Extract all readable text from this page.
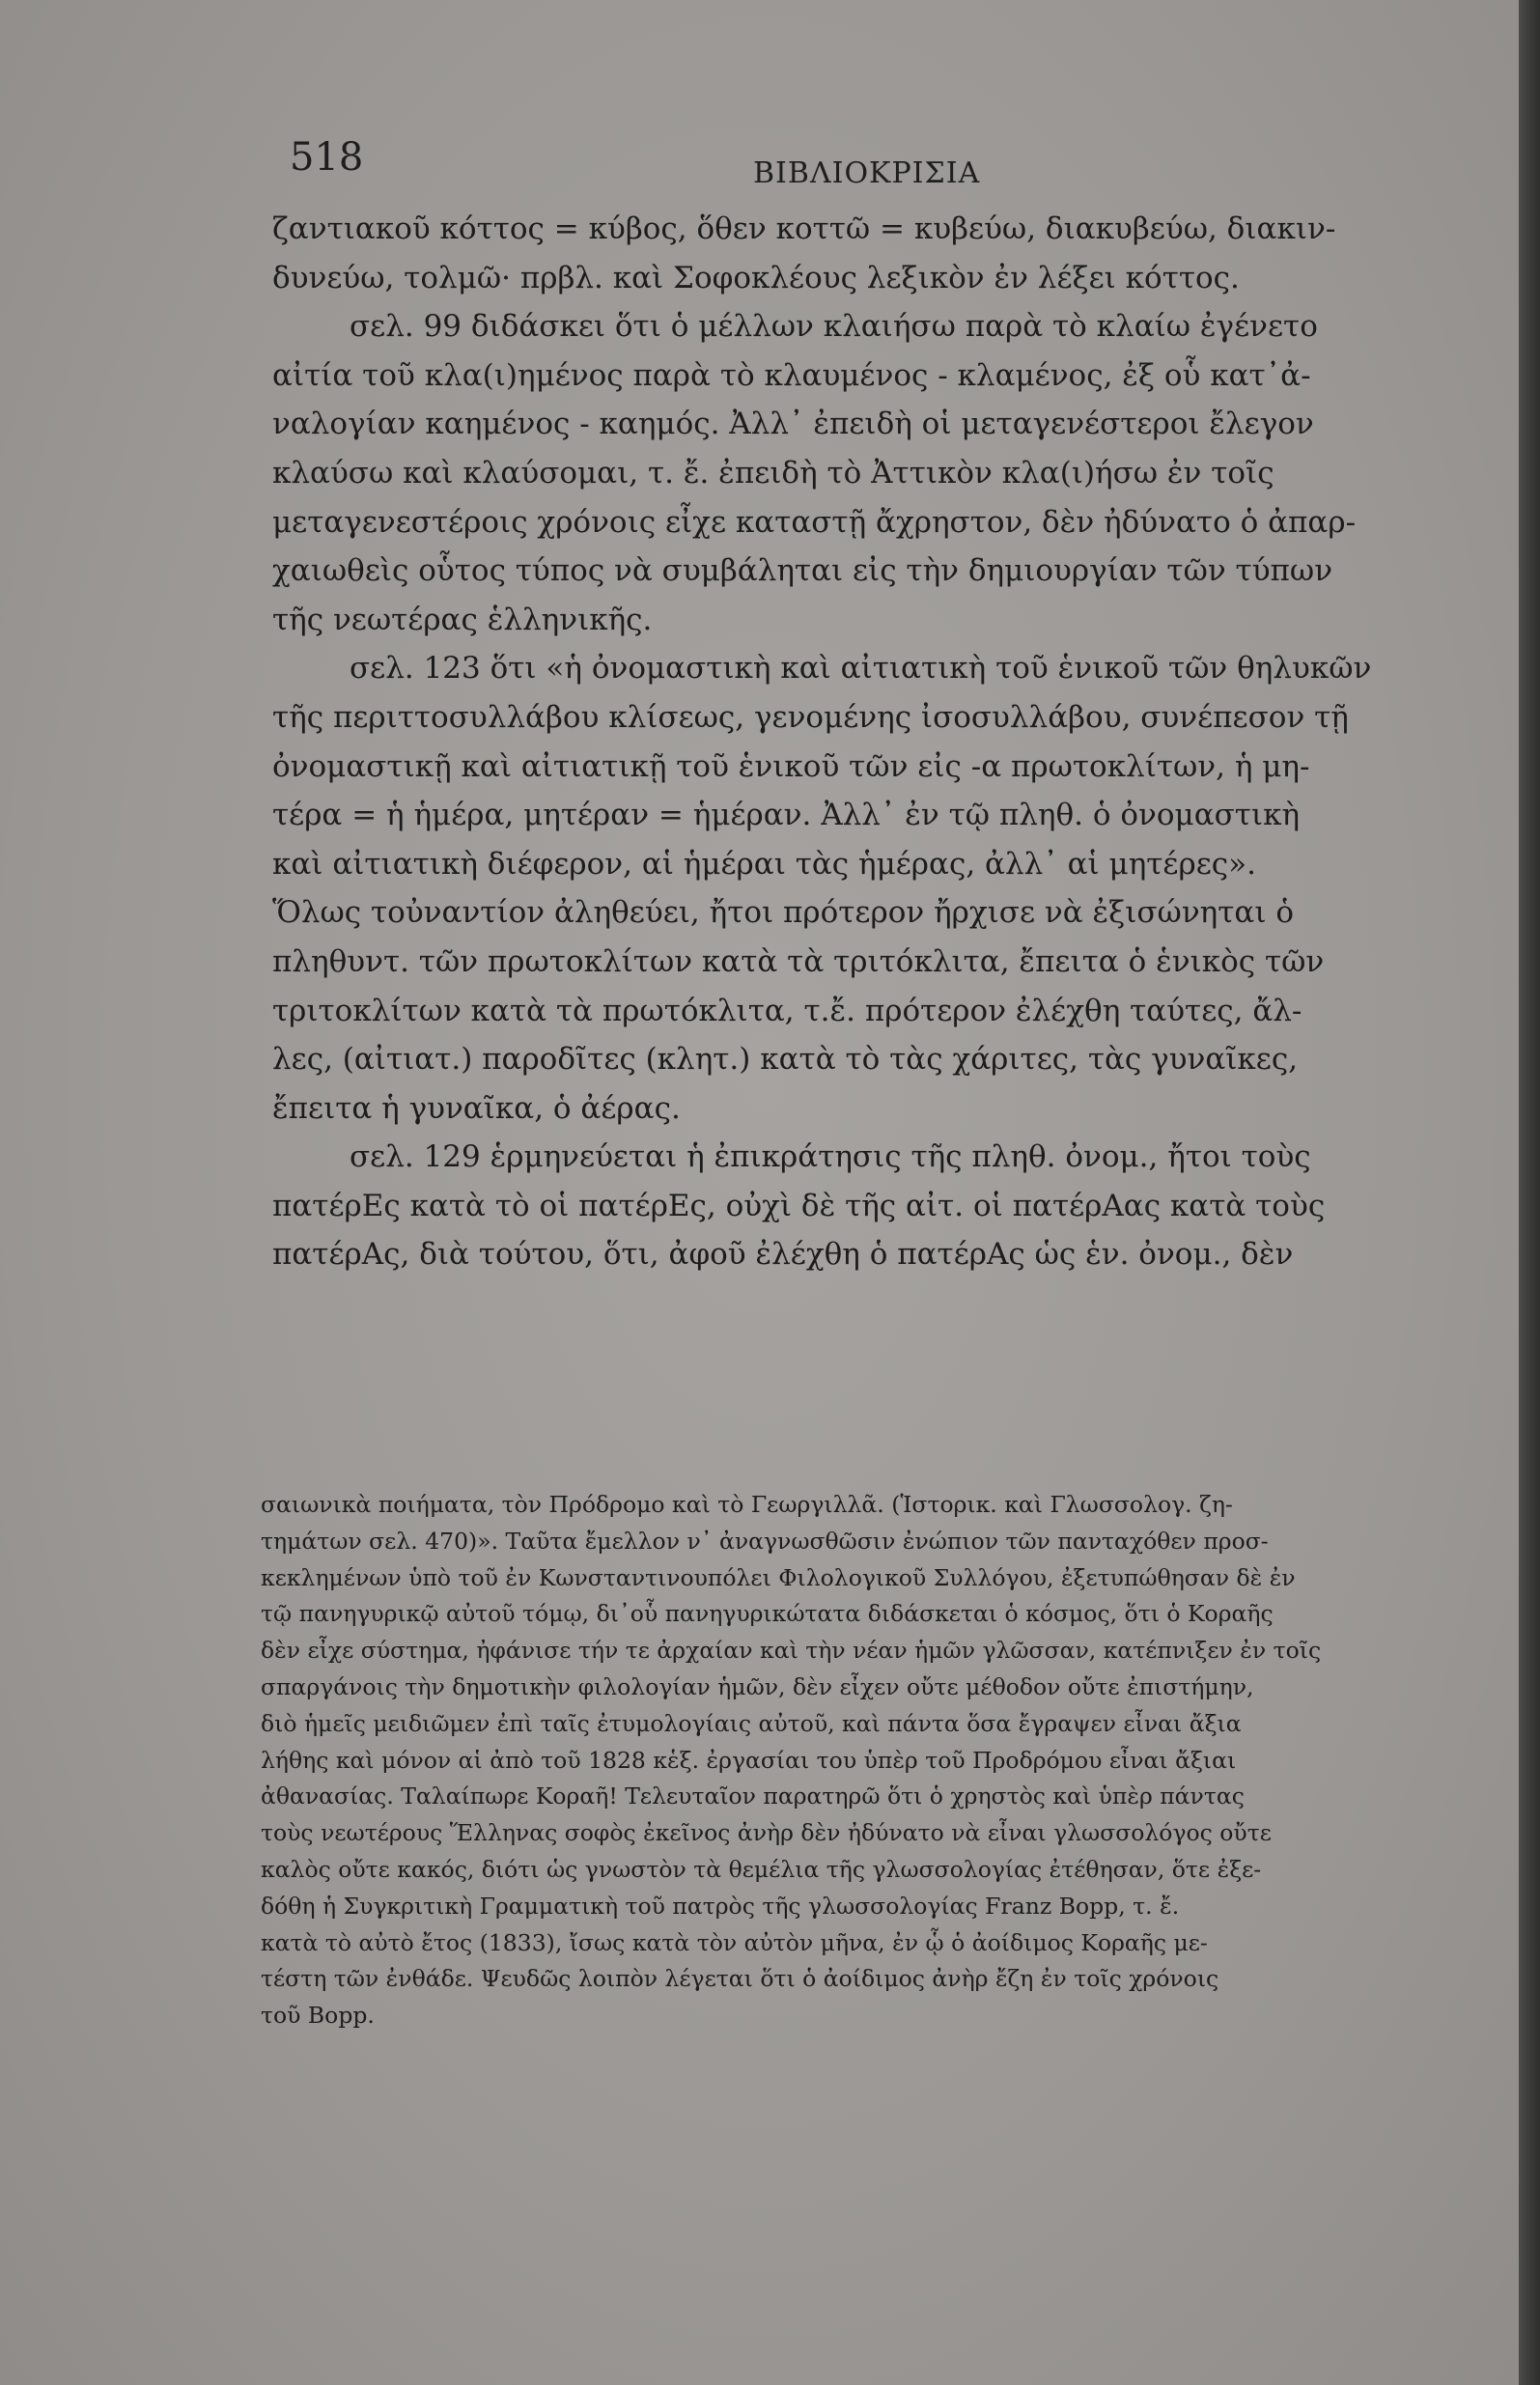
518	ΒΙΒΛΙΟΚΡΙΣΙΑ
ζαντιακοῦ κόττος = κύβος, ὅθεν κοττῶ = κυβεύω, διακυβεύω, διακιν-
δυνεύω, τολμῶ· πρβλ. καὶ Σοφοκλέους λεξικὸν ἐν λέξει κόττος.
σελ. 99 διδάσκει ὅτι ὁ μέλλων κλαιήσω παρὰ τὸ κλαίω ἐγένετο
αἰτία τοῦ κλα(ι)ημένος παρὰ τὸ κλαυμένος - κλαμένος, ἐξ οὗ κατ᾽ἀ-
ναλογίαν καημένος - καημός. Ἀλλ᾽ ἐπειδὴ οἱ μεταγενέστεροι ἔλεγον
κλαύσω καὶ κλαύσομαι, τ. ἔ. ἐπειδὴ τὸ Ἀττικὸν κλα(ι)ήσω ἐν τοῖς
μεταγενεστέροις χρόνοις εἶχε καταστῇ ἄχρηστον, δὲν ἠδύνατο ὁ ἀπαρ-
χαιωθεὶς οὗτος τύπος νὰ συμβάληται εἰς τὴν δημιουργίαν τῶν τύπων
τῆς νεωτέρας ἑλληνικῆς.
σελ. 123 ὅτι «ἡ ὀνομαστικὴ καὶ αἰτιατικὴ τοῦ ἑνικοῦ τῶν θηλυκῶν
τῆς περιττοσυλλάβου κλίσεως, γενομένης ἰσοσυλλάβου, συνέπεσον τῇ
ὀνομαστικῇ καὶ αἰτιατικῇ τοῦ ἑνικοῦ τῶν εἰς -α πρωτοκλίτων, ἡ μη-
τέρα = ἡ ἡμέρα, μητέραν = ἡμέραν. Ἀλλ᾽ ἐν τῷ πληθ. ὁ ὀνομαστικὴ
καὶ αἰτιατικὴ διέφερον, αἱ ἡμέραι τὰς ἡμέρας, ἀλλ᾽ αἱ μητέρες».
Ὅλως τοὐναντίον ἀληθεύει, ἤτοι πρότερον ἤρχισε νὰ ἐξισώνηται ὁ
πληθυντ. τῶν πρωτοκλίτων κατὰ τὰ τριτόκλιτα, ἔπειτα ὁ ἑνικὸς τῶν
τριτοκλίτων κατὰ τὰ πρωτόκλιτα, τ.ἔ. πρότερον ἐλέχθη ταύτες, ἄλ-
λες, (αἰτιατ.) παροδῖτες (κλητ.) κατὰ τὸ τὰς χάριτες, τὰς γυναῖκες,
ἔπειτα ἡ γυναῖκα, ὁ ἀέρας.
σελ. 129 ἑρμηνεύεται ἡ ἐπικράτησις τῆς πληθ. ὀνομ., ἤτοι τοὺς
πατέρΕς κατὰ τὸ οἱ πατέρΕς, οὐχὶ δὲ τῆς αἰτ. οἱ πατέρΑας κατὰ τοὺς
πατέρΑς, διὰ τούτου, ὅτι, ἀφοῦ ἐλέχθη ὁ πατέρΑς ὡς ἑν. ὀνομ., δὲν
σαιωνικὰ ποιήματα, τὸν Πρόδρομο καὶ τὸ Γεωργιλλᾶ. (Ἱστορικ. καὶ Γλωσσολογ. ζη-
τημάτων σελ. 470)». Ταῦτα ἔμελλον ν᾽ ἀναγνωσθῶσιν ἐνώπιον τῶν πανταχόθεν προσ-
κεκλημένων ὑπὸ τοῦ ἐν Κωνσταντινουπόλει Φιλολογικοῦ Συλλόγου, ἐξετυπώθησαν δὲ ἐν
τῷ πανηγυρικῷ αὐτοῦ τόμῳ, δι᾽οὗ πανηγυρικώτατα διδάσκεται ὁ κόσμος, ὅτι ὁ Κοραῆς
δὲν εἶχε σύστημα, ἠφάνισε τήν τε ἀρχαίαν καὶ τὴν νέαν ἡμῶν γλῶσσαν, κατέπνιξεν ἐν τοῖς
σπαργάνοις τὴν δημοτικὴν φιλολογίαν ἡμῶν, δὲν εἶχεν οὔτε μέθοδον οὔτε ἐπιστήμην,
διὸ ἡμεῖς μειδιῶμεν ἐπὶ ταῖς ἐτυμολογίαις αὐτοῦ, καὶ πάντα ὅσα ἔγραψεν εἶναι ἄξια
λήθης καὶ μόνον αἱ ἀπὸ τοῦ 1828 κἑξ. ἐργασίαι του ὑπὲρ τοῦ Προδρόμου εἶναι ἄξιαι
ἀθανασίας. Ταλαίπωρε Κοραῆ! Τελευταῖον παρατηρῶ ὅτι ὁ χρηστὸς καὶ ὑπὲρ πάντας
τοὺς νεωτέρους Ἕλληνας σοφὸς ἐκεῖνος ἀνὴρ δὲν ἠδύνατο νὰ εἶναι γλωσσολόγος οὔτε
καλὸς οὔτε κακός, διότι ὡς γνωστὸν τὰ θεμέλια τῆς γλωσσολογίας ἐτέθησαν, ὅτε ἐξε-
δόθη ἡ Συγκριτικὴ Γραμματικὴ τοῦ πατρὸς τῆς γλωσσολογίας Franz Bopp, τ. ἔ.
κατὰ τὸ αὐτὸ ἔτος (1833), ἴσως κατὰ τὸν αὐτὸν μῆνα, ἐν ᾧ ὁ ἀοίδιμος Κοραῆς με-
τέστη τῶν ἐνθάδε. Ψευδῶς λοιπὸν λέγεται ὅτι ὁ ἀοίδιμος ἀνὴρ ἔζη ἐν τοῖς χρόνοις
τοῦ Bopp.
